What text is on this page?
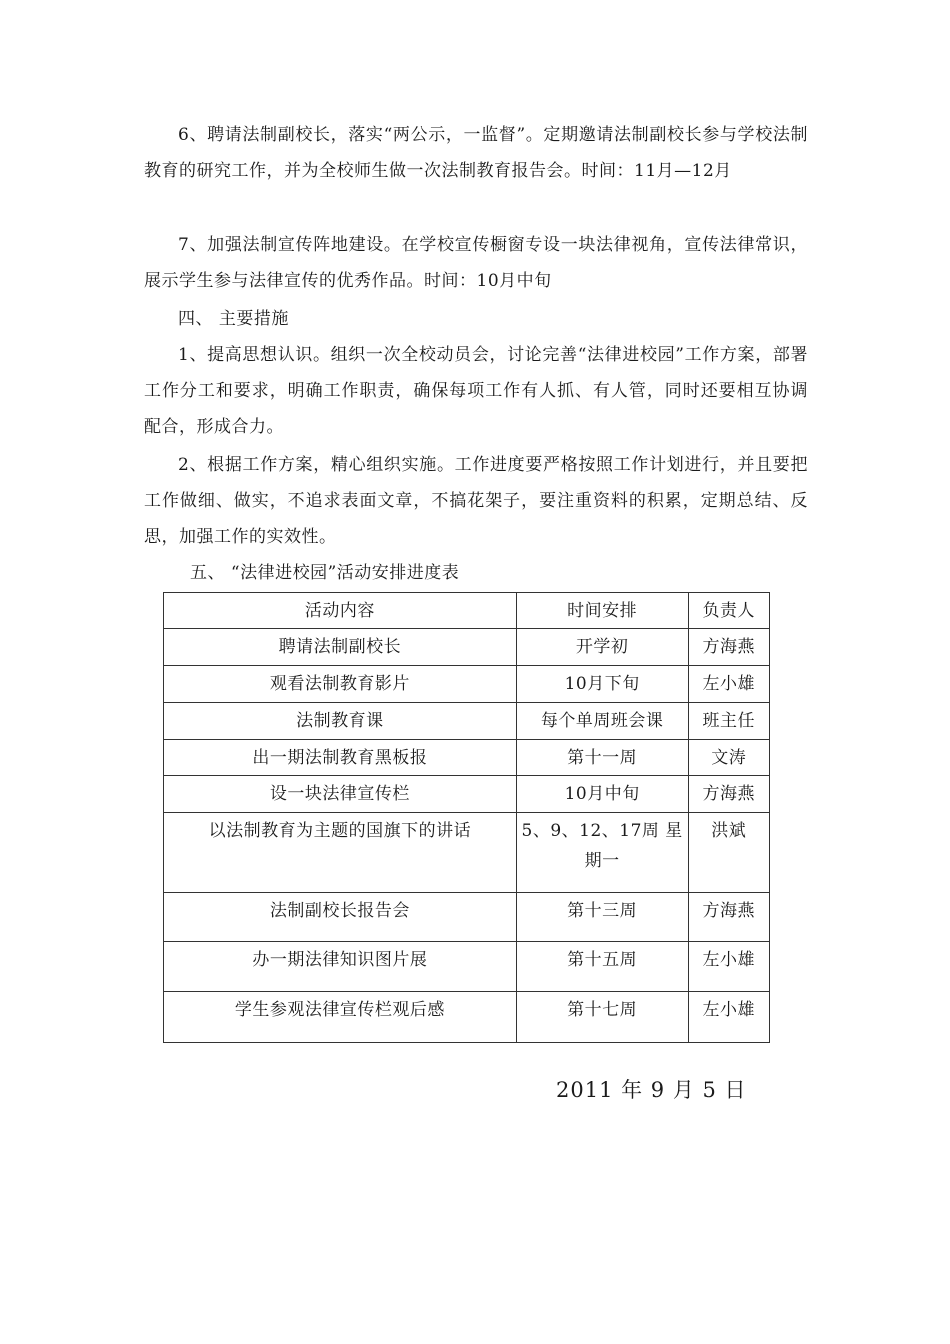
6、聘请法制副校长，落实“两公示，一监督”。定期邀请法制副校长参与学校法制教育的研究工作，并为全校师生做一次法制教育报告会。时间：11月—12月

7、加强法制宣传阵地建设。在学校宣传橱窗专设一块法律视角，宣传法律常识，展示学生参与法律宣传的优秀作品。时间：10月中旬

四、 主要措施

1、提高思想认识。组织一次全校动员会，讨论完善“法律进校园”工作方案，部署工作分工和要求，明确工作职责，确保每项工作有人抓、有人管，同时还要相互协调配合，形成合力。

2、根据工作方案，精心组织实施。工作进度要严格按照工作计划进行，并且要把工作做细、做实，不追求表面文章，不搞花架子，要注重资料的积累，定期总结、反思，加强工作的实效性。

五、 “法律进校园”活动安排进度表

活动内容	时间安排	负责人
聘请法制副校长	开学初	方海燕
观看法制教育影片	10月下旬	左小雄
法制教育课	每个单周班会课	班主任
出一期法制教育黑板报	第十一周	文涛
设一块法律宣传栏	10月中旬	方海燕
以法制教育为主题的国旗下的讲话	5、9、12、17周 星期一	洪斌
法制副校长报告会	第十三周	方海燕
办一期法律知识图片展	第十五周	左小雄
学生参观法律宣传栏观后感	第十七周	左小雄
2011 年 9 月 5 日
